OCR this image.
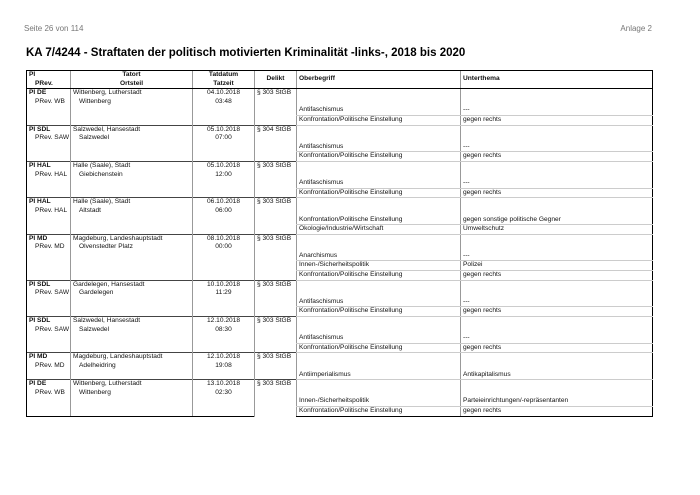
Seite 26 von 114	Anlage 2
KA 7/4244 - Straftaten der politisch motivierten Kriminalität -links-, 2018 bis 2020
PI	Tatort	Tatdatum	Delikt	Oberbegriff	Unterthema
PRev.	Ortsteil	Tatzeit			
PI DE	Wittenberg, Lutherstadt	04.10.2018	§ 303 StGB		
PRev. WB	Wittenberg	03:48			
				Antifaschismus	---
				Konfrontation/Politische Einstellung	gegen rechts
PI SDL	Salzwedel, Hansestadt	05.10.2018	§ 304 StGB		
PRev. SAW	Salzwedel	07:00			
				Antifaschismus	---
				Konfrontation/Politische Einstellung	gegen rechts
PI HAL	Halle (Saale), Stadt	05.10.2018	§ 303 StGB		
PRev. HAL	Giebichenstein	12:00			
				Antifaschismus	---
				Konfrontation/Politische Einstellung	gegen rechts
PI HAL	Halle (Saale), Stadt	06.10.2018	§ 303 StGB		
PRev. HAL	Altstadt	06:00			
				Konfrontation/Politische Einstellung	gegen sonstige politische Gegner
				Ökologie/Industrie/Wirtschaft	Umweltschutz
PI MD	Magdeburg, Landeshauptstadt	08.10.2018	§ 303 StGB		
PRev. MD	Olvenstedter Platz	00:00			
				Anarchismus	---
				Innen-/Sicherheitspolitik	Polizei
				Konfrontation/Politische Einstellung	gegen rechts
PI SDL	Gardelegen, Hansestadt	10.10.2018	§ 303 StGB		
PRev. SAW	Gardelegen	11:29			
				Antifaschismus	---
				Konfrontation/Politische Einstellung	gegen rechts
PI SDL	Salzwedel, Hansestadt	12.10.2018	§ 303 StGB		
PRev. SAW	Salzwedel	08:30			
				Antifaschismus	---
				Konfrontation/Politische Einstellung	gegen rechts
PI MD	Magdeburg, Landeshauptstadt	12.10.2018	§ 303 StGB		
PRev. MD	Adelheidring	19:08			
				Antiimperialismus	Antikapitalismus
PI DE	Wittenberg, Lutherstadt	13.10.2018	§ 303 StGB		
PRev. WB	Wittenberg	02:30			
				Innen-/Sicherheitspolitik	Parteieinrichtungen/-repräsentanten
				Konfrontation/Politische Einstellung	gegen rechts
